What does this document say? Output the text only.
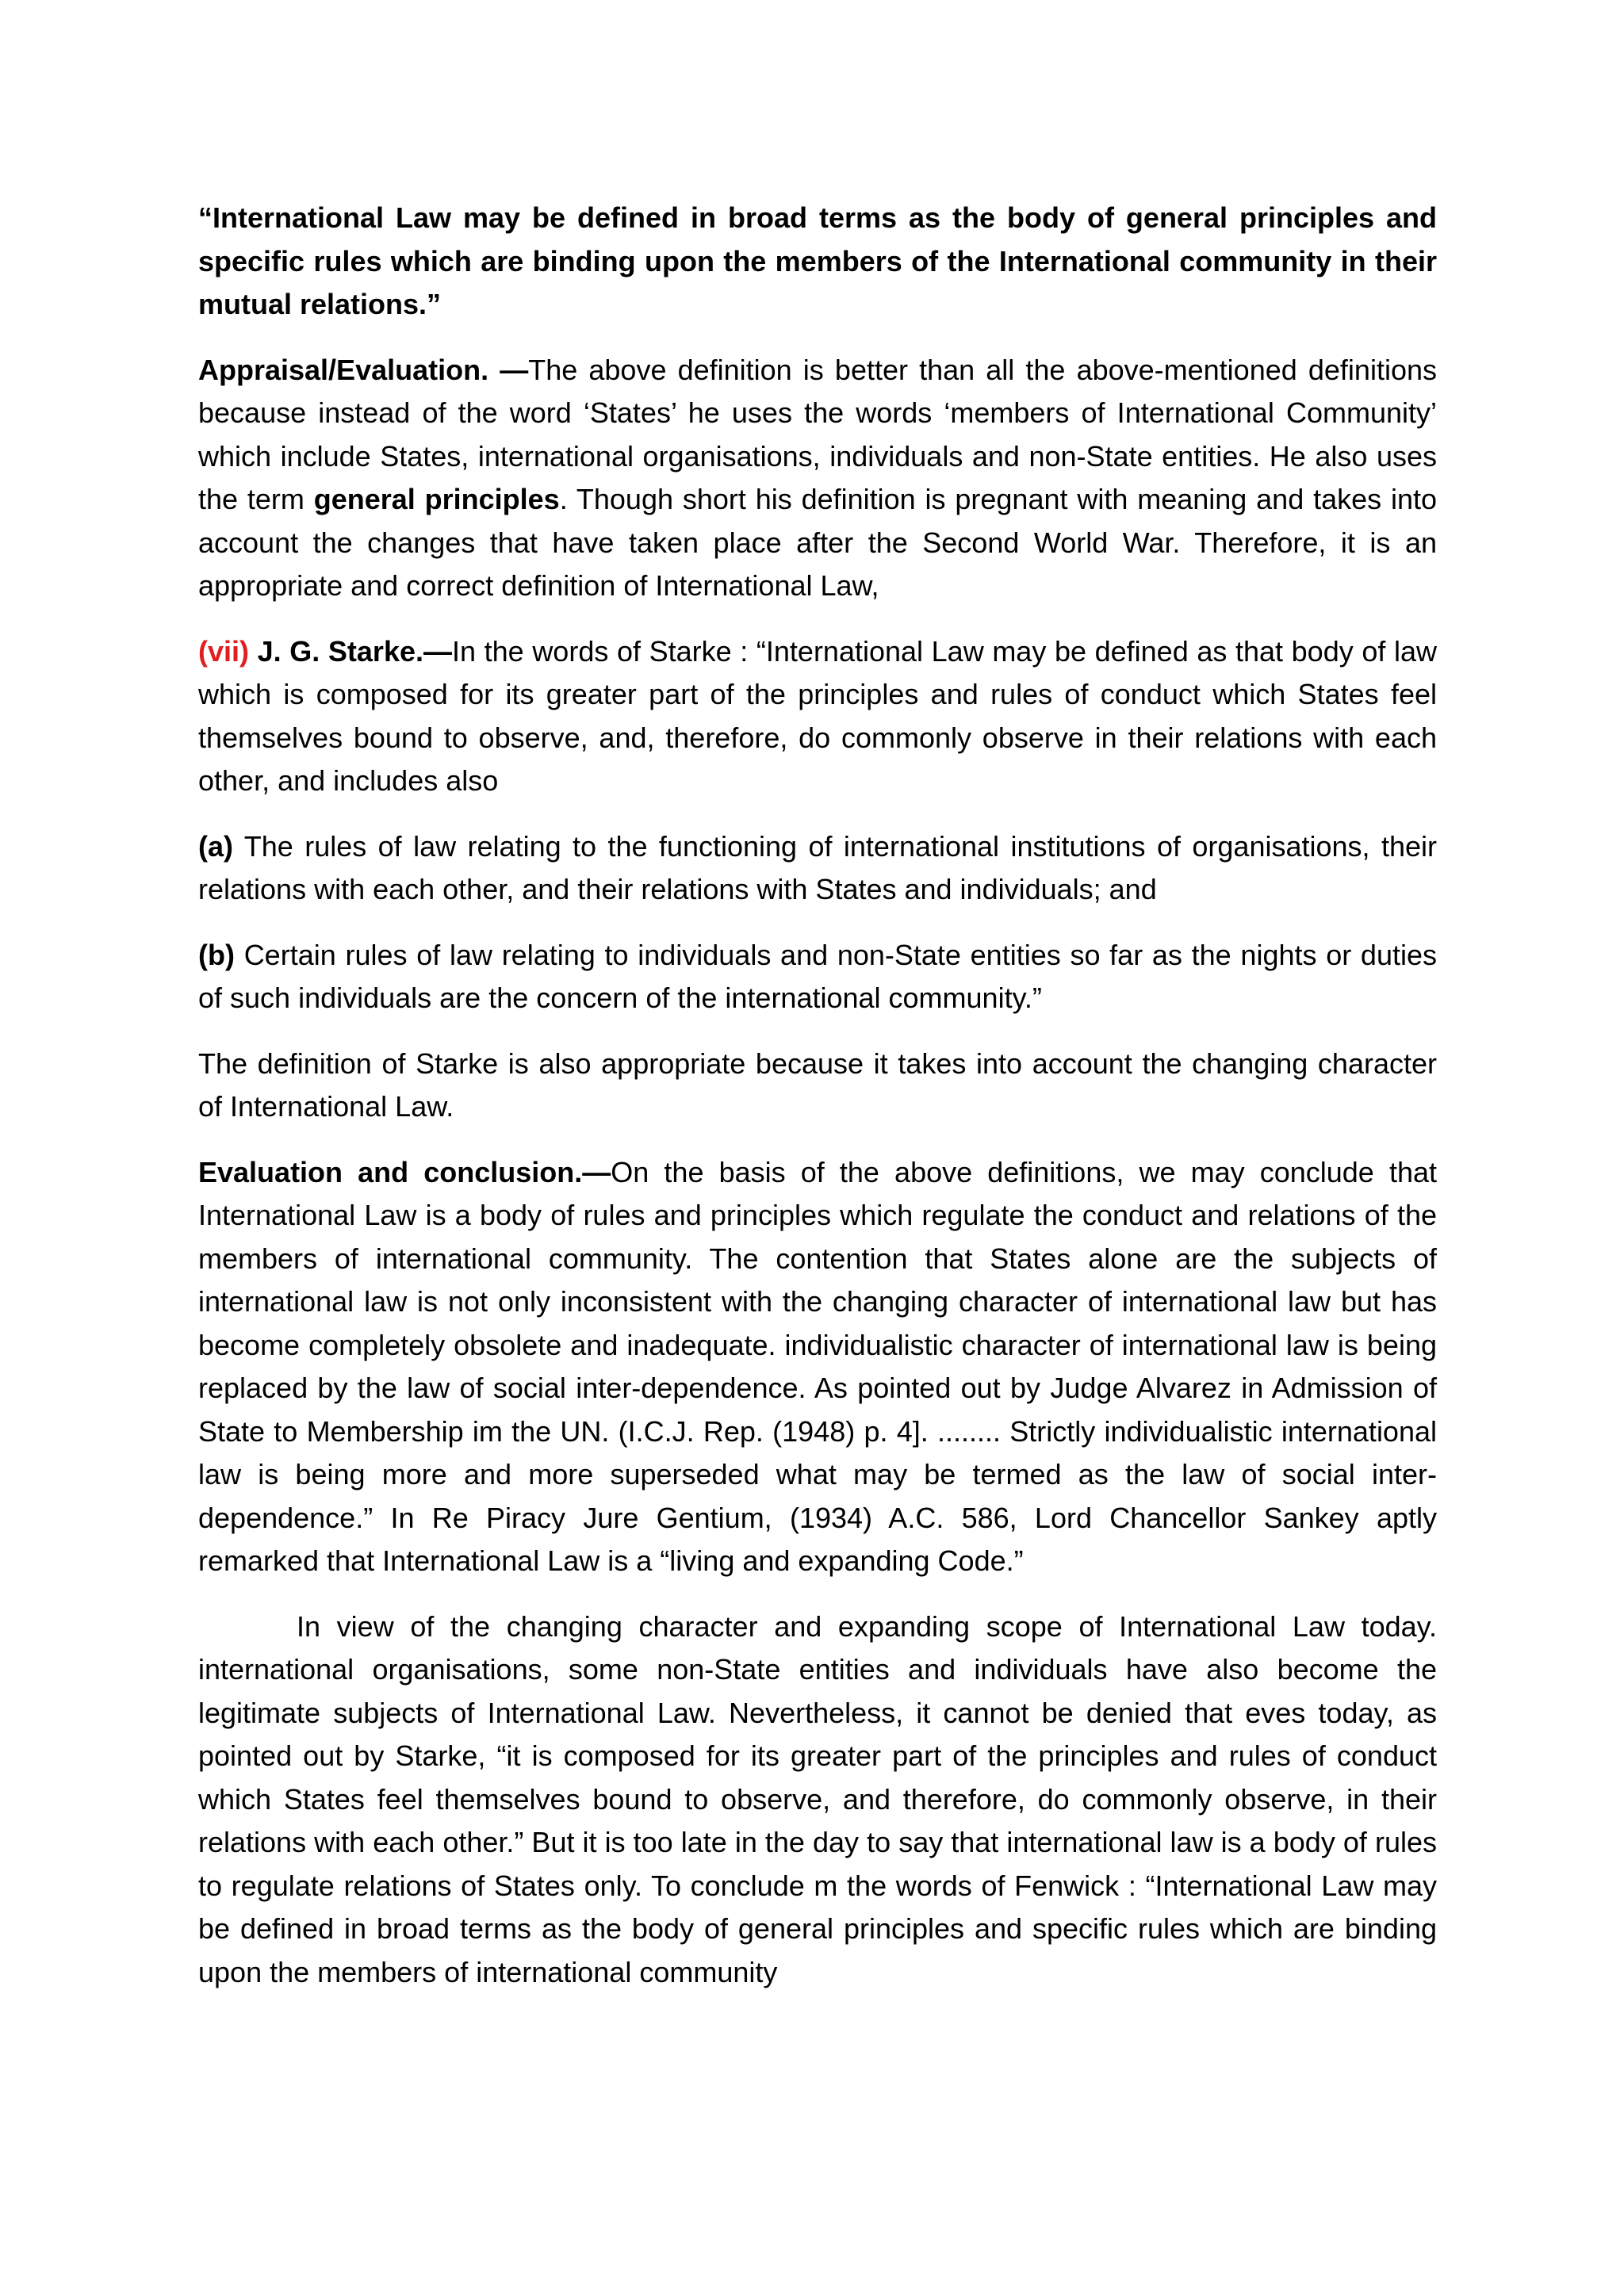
“International Law may be defined in broad terms as the body of general principles and specific rules which are binding upon the members of the International community in their mutual relations.”

Appraisal/Evaluation. —The above definition is better than all the above-mentioned definitions because instead of the word ‘States’ he uses the words ‘members of International Community’ which include States, international organisations, individuals and non-State entities. He also uses the term general principles. Though short his definition is pregnant with meaning and takes into account the changes that have taken place after the Second World War. Therefore, it is an appropriate and correct definition of International Law,

(vii) J. G. Starke.—In the words of Starke : “International Law may be defined as that body of law which is composed for its greater part of the principles and rules of conduct which States feel themselves bound to observe, and, therefore, do commonly observe in their relations with each other, and includes also

(a) The rules of law relating to the functioning of international institutions of organisations, their relations with each other, and their relations with States and individuals; and

(b) Certain rules of law relating to individuals and non-State entities so far as the nights or duties of such individuals are the concern of the international community.”

The definition of Starke is also appropriate because it takes into account the changing character of International Law.

Evaluation and conclusion.—On the basis of the above definitions, we may conclude that International Law is a body of rules and principles which regulate the conduct and relations of the members of international community. The contention that States alone are the subjects of international law is not only inconsistent with the changing character of international law but has become completely obsolete and inadequate. individualistic character of international law is being replaced by the law of social inter-dependence. As pointed out by Judge Alvarez in Admission of State to Membership im the UN. (I.C.J. Rep. (1948) p. 4]. ........ Strictly individualistic international law is being more and more superseded what may be termed as the law of social inter-dependence.” In Re Piracy Jure Gentium, (1934) A.C. 586, Lord Chancellor Sankey aptly remarked that International Law is a “living and expanding Code.”

In view of the changing character and expanding scope of International Law today. international organisations, some non-State entities and individuals have also become the legitimate subjects of International Law. Nevertheless, it cannot be denied that eves today, as pointed out by Starke, “it is composed for its greater part of the principles and rules of conduct which States feel themselves bound to observe, and therefore, do commonly observe, in their relations with each other.” But it is too late in the day to say that international law is a body of rules to regulate relations of States only. To conclude m the words of Fenwick : “International Law may be defined in broad terms as the body of general principles and specific rules which are binding upon the members of international community
